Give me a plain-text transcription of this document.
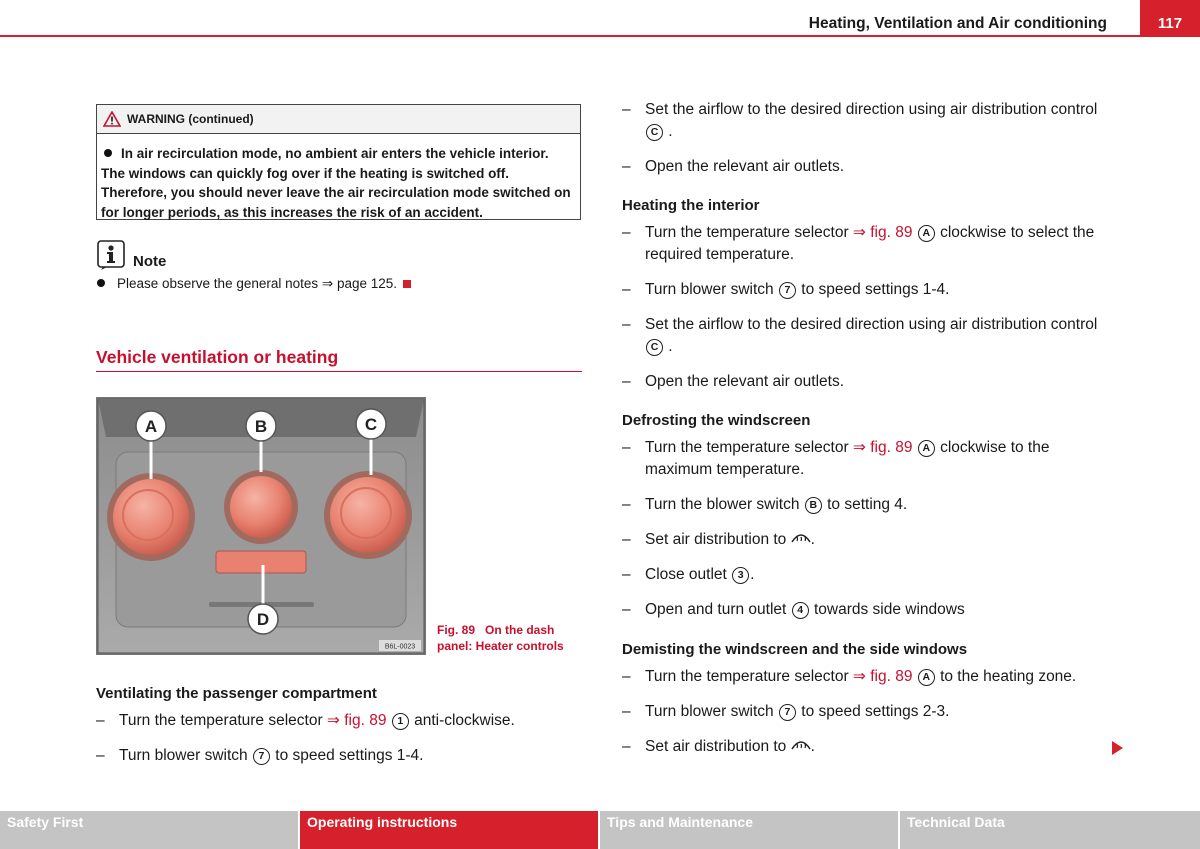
Heating, Ventilation and Air conditioning	117
WARNING (continued)
In air recirculation mode, no ambient air enters the vehicle interior. The windows can quickly fog over if the heating is switched off. Therefore, you should never leave the air recirculation mode switched on for longer periods, as this increases the risk of an accident.
Note
Please observe the general notes ⇒ page 125.
Vehicle ventilation or heating
A	B	C
D
B6L-0023
Fig. 89   On the dash
panel: Heater controls
Ventilating the passenger compartment
– Turn the temperature selector ⇒ fig. 89 1 anti-clockwise.
– Turn blower switch 7 to speed settings 1-4.
– Set the airflow to the desired direction using air distribution control C .
– Open the relevant air outlets.
Heating the interior
– Turn the temperature selector ⇒ fig. 89 A clockwise to select the required temperature.
– Turn blower switch 7 to speed settings 1-4.
– Set the airflow to the desired direction using air distribution control C .
– Open the relevant air outlets.
Defrosting the windscreen
– Turn the temperature selector ⇒ fig. 89 A clockwise to the maximum temperature.
– Turn the blower switch B to setting 4.
– Set air distribution to .
– Close outlet 3 .
– Open and turn outlet 4 towards side windows
Demisting the windscreen and the side windows
– Turn the temperature selector ⇒ fig. 89 A to the heating zone.
– Turn blower switch 7 to speed settings 2-3.
– Set air distribution to .
Safety First	Operating instructions	Tips and Maintenance	Technical Data
